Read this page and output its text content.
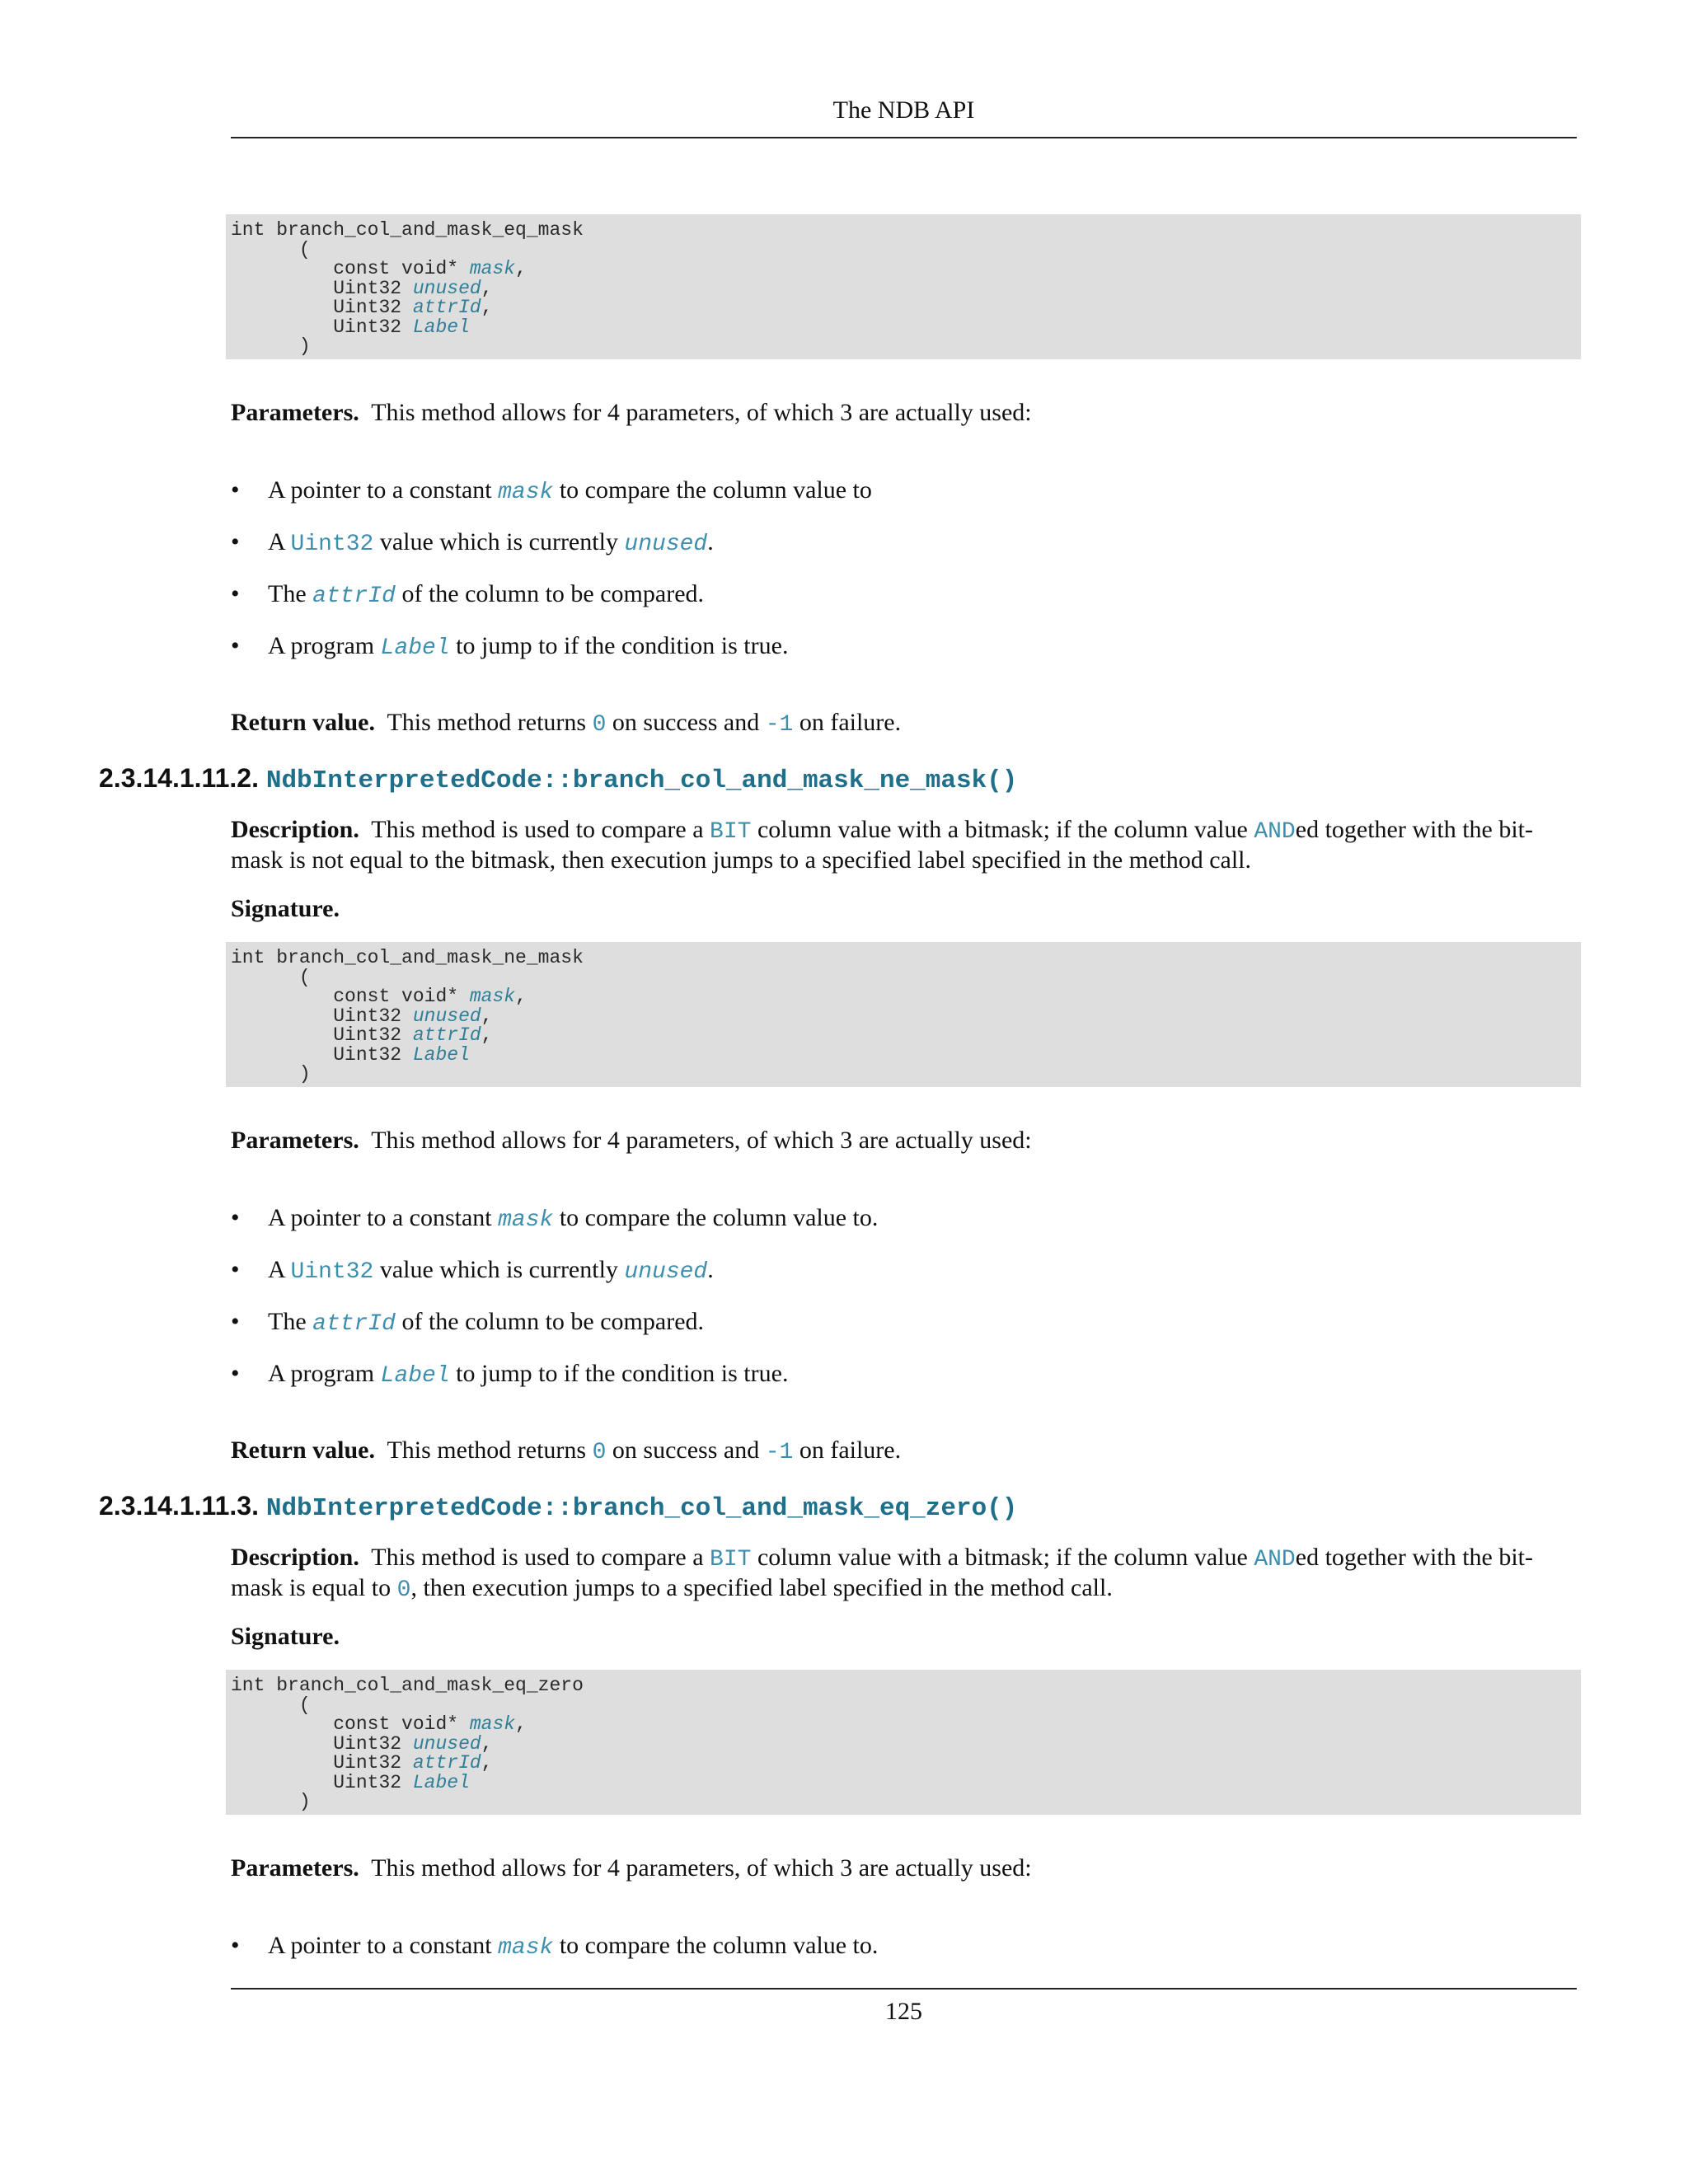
The NDB API
int branch_col_and_mask_eq_mask
(
const void* mask,
Uint32 unused,
Uint32 attrId,
Uint32 Label
)
Parameters. This method allows for 4 parameters, of which 3 are actually used:
• A pointer to a constant mask to compare the column value to
• A Uint32 value which is currently unused.
• The attrId of the column to be compared.
• A program Label to jump to if the condition is true.
Return value. This method returns 0 on success and -1 on failure.
2.3.14.1.11.2. NdbInterpretedCode::branch_col_and_mask_ne_mask()
Description. This method is used to compare a BIT column value with a bitmask; if the column value ANDed together with the bit-
mask is not equal to the bitmask, then execution jumps to a specified label specified in the method call.
Signature.
int branch_col_and_mask_ne_mask
(
const void* mask,
Uint32 unused,
Uint32 attrId,
Uint32 Label
)
Parameters. This method allows for 4 parameters, of which 3 are actually used:
• A pointer to a constant mask to compare the column value to.
• A Uint32 value which is currently unused.
• The attrId of the column to be compared.
• A program Label to jump to if the condition is true.
Return value. This method returns 0 on success and -1 on failure.
2.3.14.1.11.3. NdbInterpretedCode::branch_col_and_mask_eq_zero()
Description. This method is used to compare a BIT column value with a bitmask; if the column value ANDed together with the bit-
mask is equal to 0, then execution jumps to a specified label specified in the method call.
Signature.
int branch_col_and_mask_eq_zero
(
const void* mask,
Uint32 unused,
Uint32 attrId,
Uint32 Label
)
Parameters. This method allows for 4 parameters, of which 3 are actually used:
• A pointer to a constant mask to compare the column value to.
125
